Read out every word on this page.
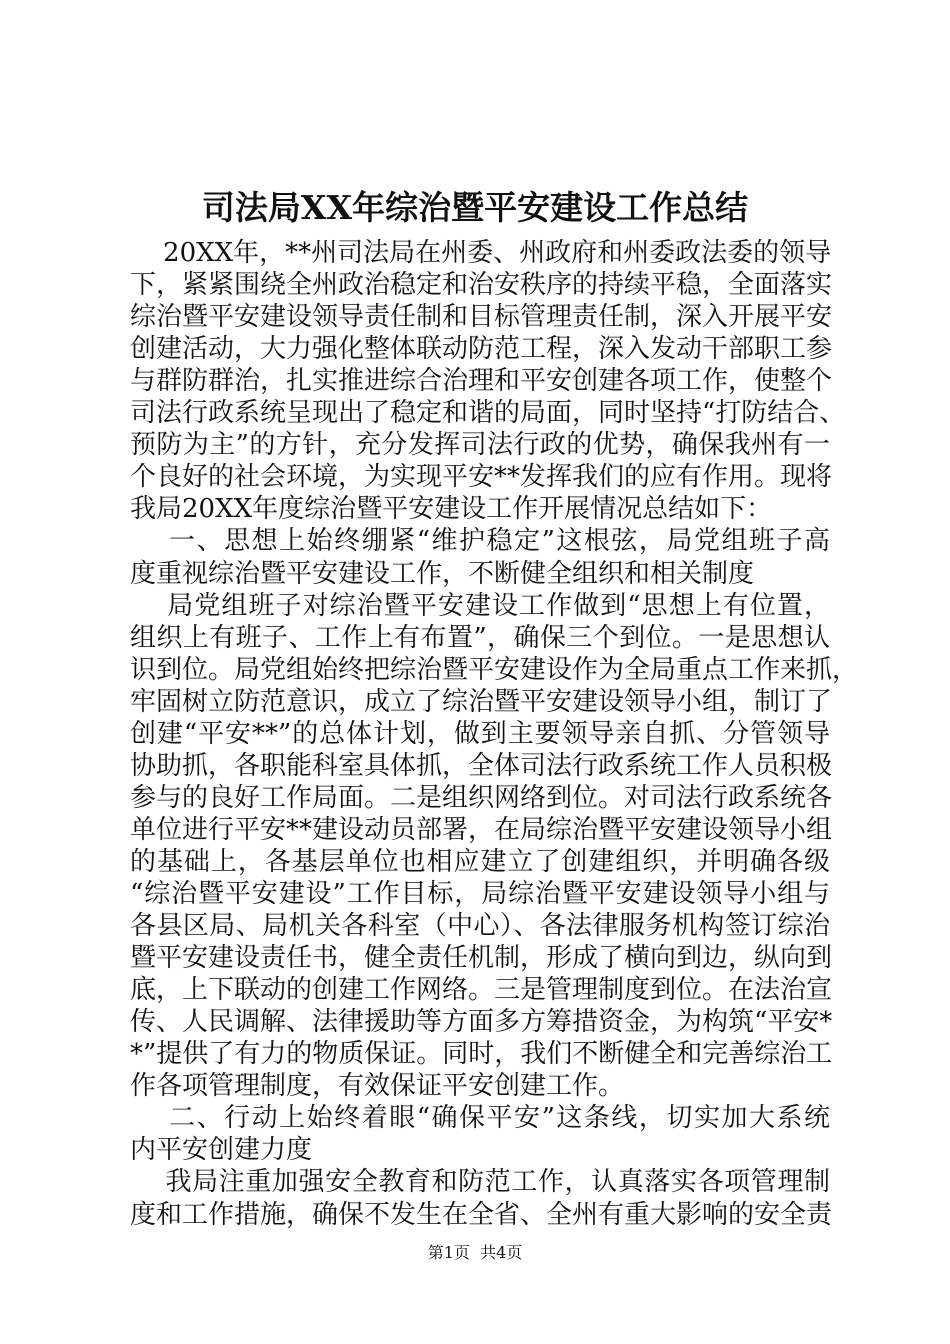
司法局XX年综治暨平安建设工作总结
20XX年，**州司法局在州委、州政府和州委政法委的领导
下，紧紧围绕全州政治稳定和治安秩序的持续平稳，全面落实
综治暨平安建设领导责任制和目标管理责任制，深入开展平安
创建活动，大力强化整体联动防范工程，深入发动干部职工参
与群防群治，扎实推进综合治理和平安创建各项工作，使整个
司法行政系统呈现出了稳定和谐的局面，同时坚持“打防结合、
预防为主”的方针，充分发挥司法行政的优势，确保我州有一
个良好的社会环境，为实现平安**发挥我们的应有作用。现将
我局20XX年度综治暨平安建设工作开展情况总结如下：
一、思想上始终绷紧“维护稳定”这根弦，局党组班子高
度重视综治暨平安建设工作，不断健全组织和相关制度
局党组班子对综治暨平安建设工作做到“思想上有位置，
组织上有班子、工作上有布置”，确保三个到位。一是思想认
识到位。局党组始终把综治暨平安建设作为全局重点工作来抓，
牢固树立防范意识，成立了综治暨平安建设领导小组，制订了
创建“平安**”的总体计划，做到主要领导亲自抓、分管领导
协助抓，各职能科室具体抓，全体司法行政系统工作人员积极
参与的良好工作局面。二是组织网络到位。对司法行政系统各
单位进行平安**建设动员部署，在局综治暨平安建设领导小组
的基础上，各基层单位也相应建立了创建组织，并明确各级
“综治暨平安建设”工作目标，局综治暨平安建设领导小组与
各县区局、局机关各科室（中心）、各法律服务机构签订综治
暨平安建设责任书，健全责任机制，形成了横向到边，纵向到
底，上下联动的创建工作网络。三是管理制度到位。在法治宣
传、人民调解、法律援助等方面多方筹措资金，为构筑“平安*
*”提供了有力的物质保证。同时，我们不断健全和完善综治工
作各项管理制度，有效保证平安创建工作。
二、行动上始终着眼“确保平安”这条线，切实加大系统
内平安创建力度
我局注重加强安全教育和防范工作，认真落实各项管理制
度和工作措施，确保不发生在全省、全州有重大影响的安全责
第1页  共4页
